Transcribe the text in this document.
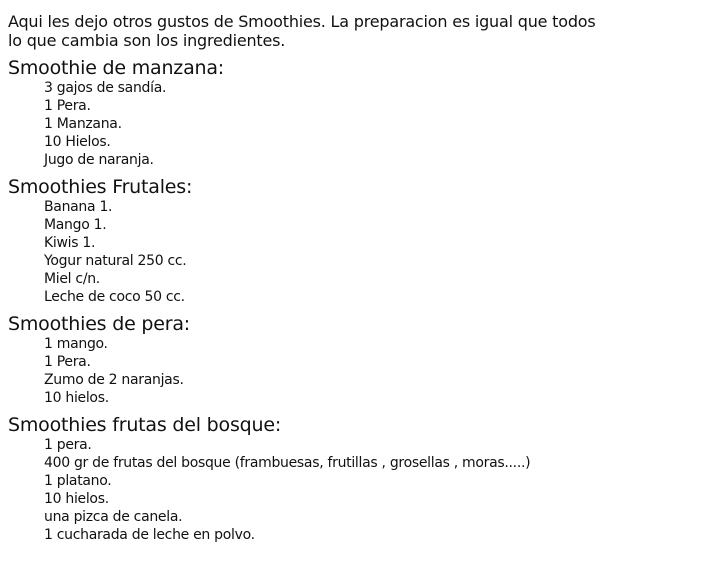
Aqui les dejo otros gustos de Smoothies. La preparacion es igual que todos
lo que cambia son los ingredientes.
Smoothie de manzana:
3 gajos de sandía.
1 Pera.
1 Manzana.
10 Hielos.
Jugo de naranja.
Smoothies Frutales:
Banana 1.
Mango 1.
Kiwis 1.
Yogur natural 250 cc.
Miel c/n.
Leche de coco 50 cc.
Smoothies de pera:
1 mango.
1 Pera.
Zumo de 2 naranjas.
10 hielos.
Smoothies frutas del bosque:
1 pera.
400 gr de frutas del bosque (frambuesas, frutillas , grosellas , moras.....)
1 platano.
10 hielos.
una pizca de canela.
1 cucharada de leche en polvo.
